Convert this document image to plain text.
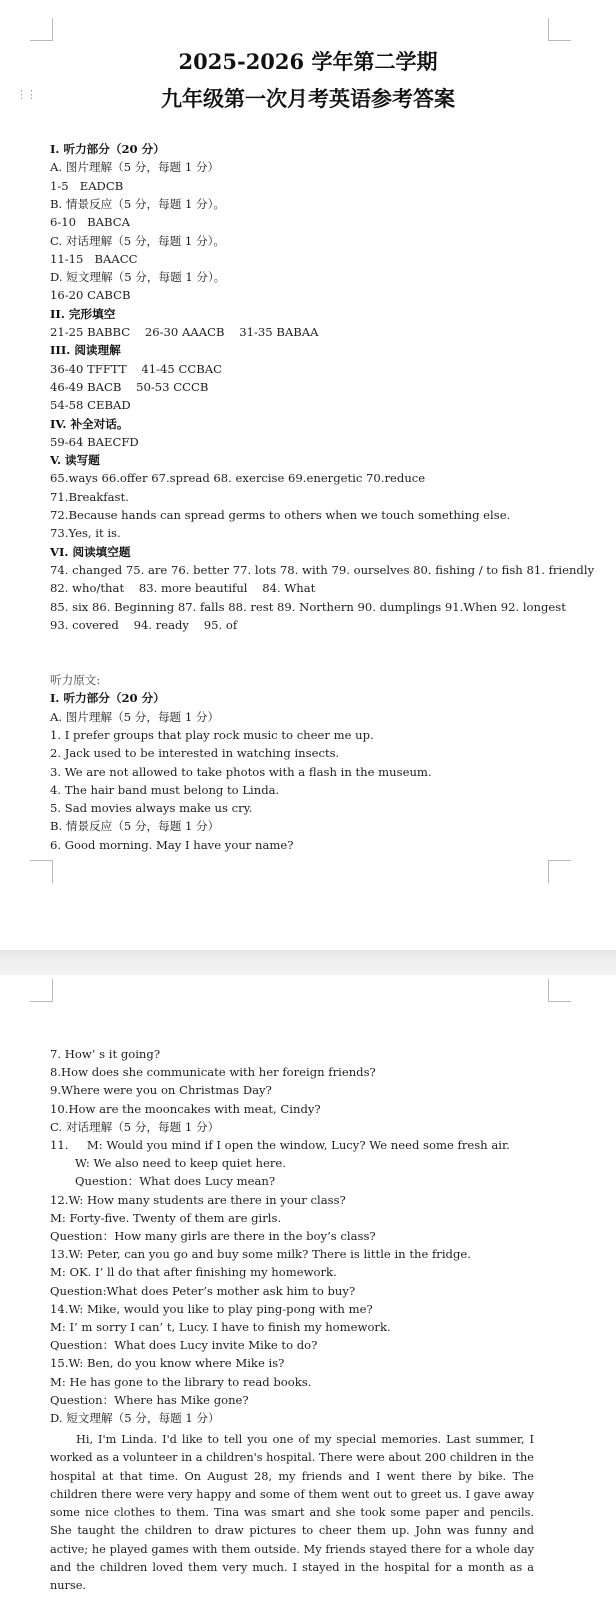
⋮⋮
2025-2026 学年第二学期
九年级第一次月考英语参考答案
I. 听力部分（20 分）
A. 图片理解（5 分，每题 1 分）
1-5   EADCB
B. 情景反应（5 分，每题 1 分）。
6-10   BABCA
C. 对话理解（5 分，每题 1 分）。
11-15   BAACC
D. 短文理解（5 分，每题 1 分）。
16-20 CABCB
II. 完形填空
21-25 BABBC    26-30 AAACB    31-35 BABAA
III. 阅读理解
36-40 TFFTT    41-45 CCBAC
46-49 BACB    50-53 CCCB
54-58 CEBAD
IV. 补全对话。
59-64 BAECFD
V. 读写题
65.ways 66.offer 67.spread 68. exercise 69.energetic 70.reduce
71.Breakfast.
72.Because hands can spread germs to others when we touch something else.
73.Yes, it is.
VI. 阅读填空题
74. changed 75. are 76. better 77. lots 78. with 79. ourselves 80. fishing / to fish 81. friendly
82. who/that    83. more beautiful    84. What
85. six 86. Beginning 87. falls 88. rest 89. Northern 90. dumplings 91.When 92. longest
93. covered    94. ready    95. of
听力原文:
I. 听力部分（20 分）
A. 图片理解（5 分，每题 1 分）
1. I prefer groups that play rock music to cheer me up.
2. Jack used to be interested in watching insects.
3. We are not allowed to take photos with a flash in the museum.
4. The hair band must belong to Linda.
5. Sad movies always make us cry.
B. 情景反应（5 分，每题 1 分）
6. Good morning. May I have your name?
7. How’ s it going?
8.How does she communicate with her foreign friends?
9.Where were you on Christmas Day?
10.How are the mooncakes with meat, Cindy?
C. 对话理解（5 分，每题 1 分）
11.     M: Would you mind if I open the window, Lucy? We need some fresh air.
W: We also need to keep quiet here.
Question：What does Lucy mean?
12.W: How many students are there in your class?
M: Forty-five. Twenty of them are girls.
Question：How many girls are there in the boy’s class?
13.W: Peter, can you go and buy some milk? There is little in the fridge.
M: OK. I’ ll do that after finishing my homework.
Question:What does Peter’s mother ask him to buy?
14.W: Mike, would you like to play ping-pong with me?
M: I’ m sorry I can’ t, Lucy. I have to finish my homework.
Question：What does Lucy invite Mike to do?
15.W: Ben, do you know where Mike is?
M: He has gone to the library to read books.
Question：Where has Mike gone?
D. 短文理解（5 分，每题 1 分）
Hi, I'm Linda. I'd like to tell you one of my special memories. Last summer, I worked as a volunteer in a children's hospital. There were about 200 children in the hospital at that time. On August 28, my friends and I went there by bike. The children there were very happy and some of them went out to greet us. I gave away some nice clothes to them. Tina was smart and she took some paper and pencils. She taught the children to draw pictures to cheer them up. John was funny and active; he played games with them outside. My friends stayed there for a whole day and the children loved them very much. I stayed in the hospital for a month as a nurse.
